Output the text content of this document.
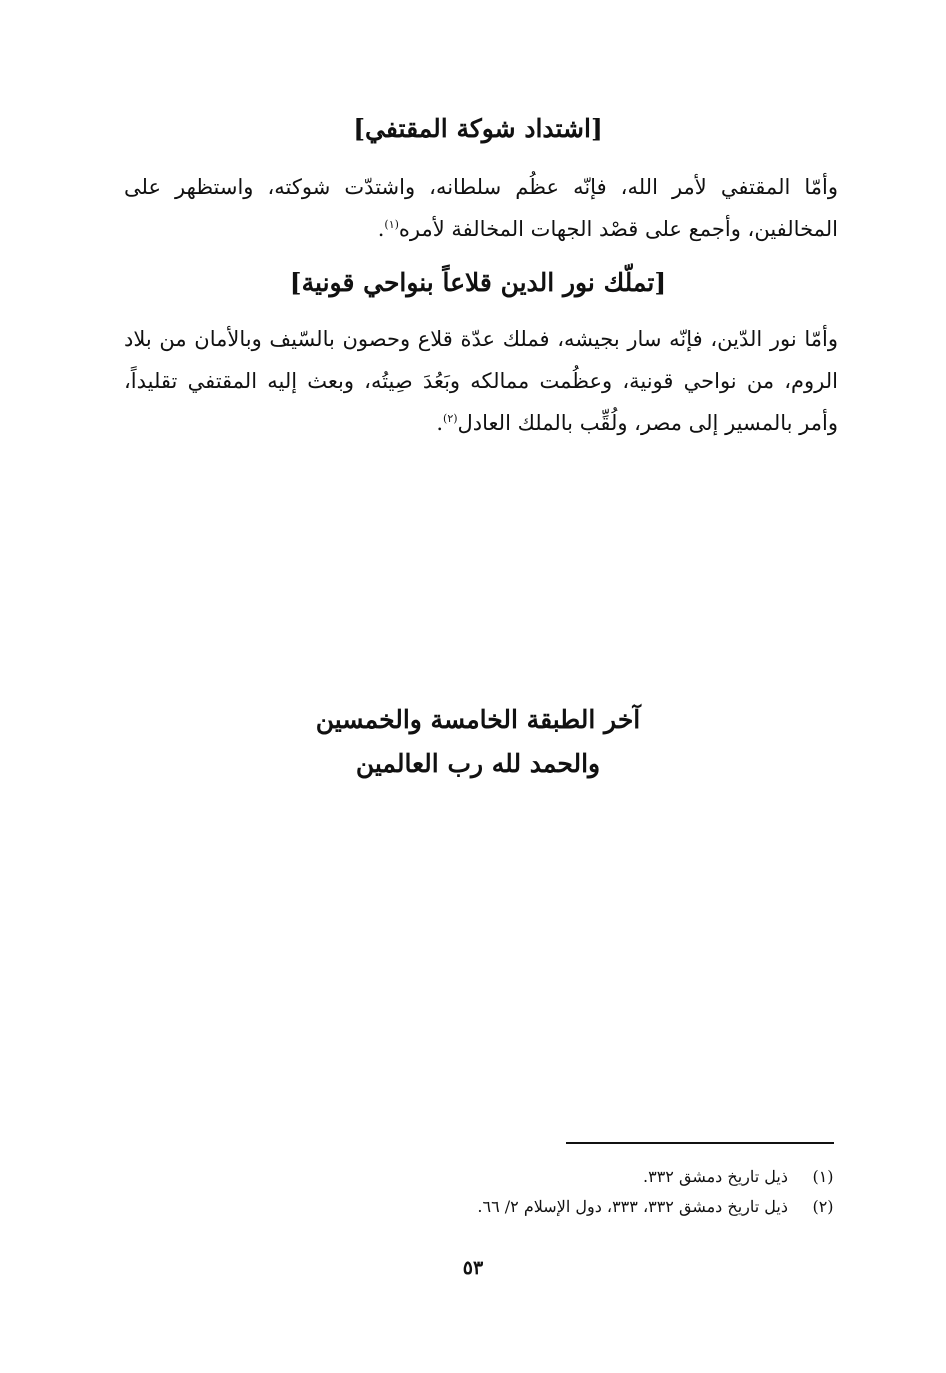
[اشتداد شوكة المقتفي]

وأمّا المقتفي لأمر الله، فإنّه عظُم سلطانه، واشتدّت شوكته، واستظهر على المخالفين، وأجمع على قصْد الجهات المخالفة لأمره$^{(١)}$.

[تملّك نور الدين قلاعاً بنواحي قونية]

وأمّا نور الدّين، فإنّه سار بجيشه، فملك عدّة قلاع وحصون بالسّيف وبالأمان من بلاد الروم، من نواحي قونية، وعظُمت ممالكه وبَعُدَ صِيتُه، وبعث إليه المقتفي تقليداً، وأمر بالمسير إلى مصر، ولُقِّب بالملك العادل$^{(٢)}$.

آخر الطبقة الخامسة والخمسين
والحمد لله رب العالمين
(١)
ذيل تاريخ دمشق ٣٣٢.
(٢)
ذيل تاريخ دمشق ٣٣٢، ٣٣٣، دول الإسلام ٢/ ٦٦.
٥٣
